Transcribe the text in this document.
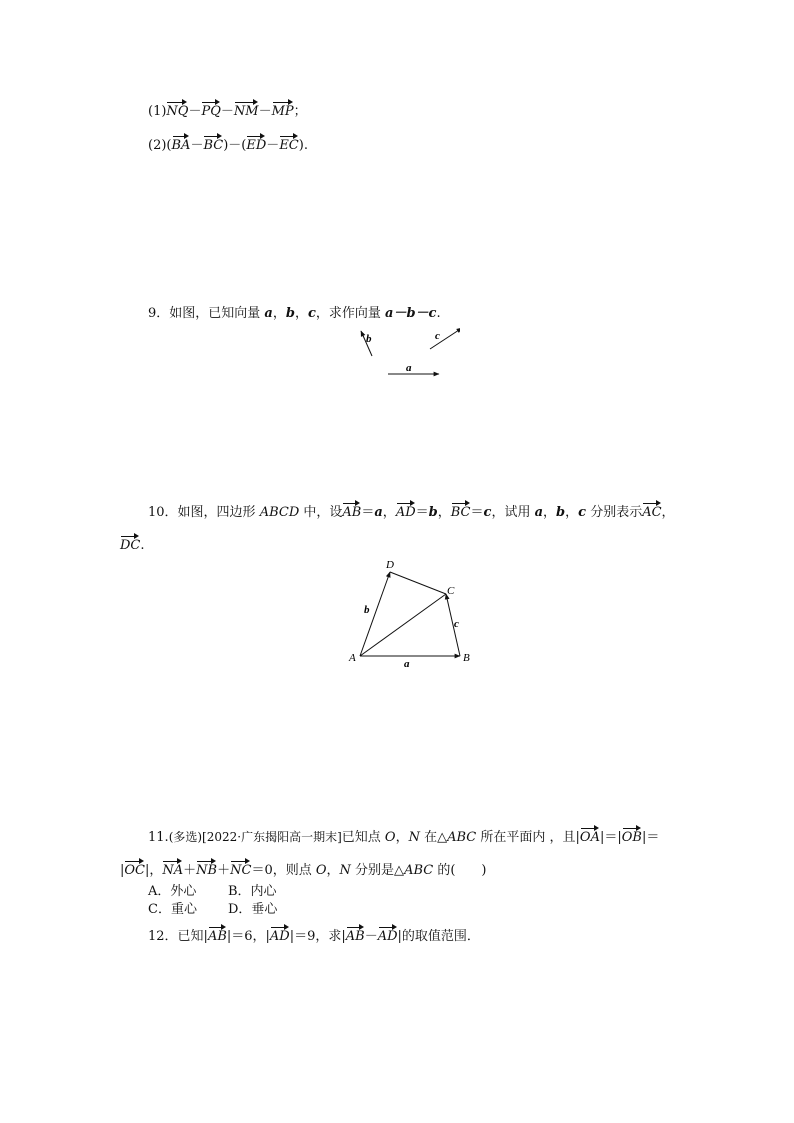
(1)NQ－PQ－NM－MP；
(2)(BA－BC)－(ED－EC).
9．如图，已知向量 a，b，c，求作向量 a－b－c.
b	c
a
10．如图，四边形 ABCD 中，设AB＝a，AD＝b，BC＝c，试用 a，b，c 分别表示AC，
DC.
D
C
A	B
a
b
c
11.(多选)[2022·广东揭阳高一期末]已知点 O，N 在△ABC 所在平面内 ，且|OA|＝|OB|＝
|OC|，NA＋NB＋NC＝0，则点 O，N 分别是△ABC 的(　　)
A．外心 B．内心
C．重心 D．垂心
12．已知|AB|＝6，|AD|＝9，求|AB－AD|的取值范围．
